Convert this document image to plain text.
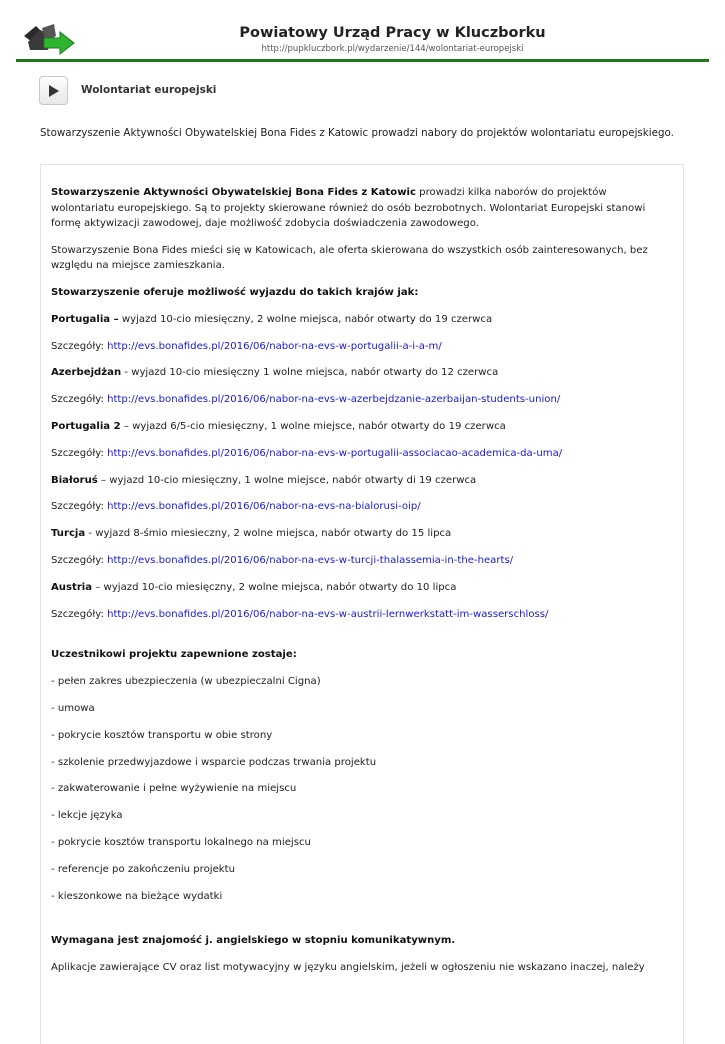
Powiatowy Urząd Pracy w Kluczborku
http://pupkluczbork.pl/wydarzenie/144/wolontariat-europejski
Wolontariat europejski
Stowarzyszenie Aktywności Obywatelskiej Bona Fides z Katowic prowadzi nabory do projektów wolontariatu europejskiego.

Stowarzyszenie Aktywności Obywatelskiej Bona Fides z Katowic prowadzi kilka naborów do projektów wolontariatu europejskiego. Są to projekty skierowane również do osób bezrobotnych. Wolontariat Europejski stanowi formę aktywizacji zawodowej, daje możliwość zdobycia doświadczenia zawodowego.

Stowarzyszenie Bona Fides mieści się w Katowicach, ale oferta skierowana do wszystkich osób zainteresowanych, bez względu na miejsce zamieszkania.

Stowarzyszenie oferuje możliwość wyjazdu do takich krajów jak:

Portugalia – wyjazd 10-cio miesięczny, 2 wolne miejsca, nabór otwarty do 19 czerwca

Szczegóły: http://evs.bonafides.pl/2016/06/nabor-na-evs-w-portugalii-a-i-a-m/

Azerbejdżan - wyjazd 10-cio miesięczny 1 wolne miejsca, nabór otwarty do 12 czerwca

Szczegóły: http://evs.bonafides.pl/2016/06/nabor-na-evs-w-azerbejdzanie-azerbaijan-students-union/

Portugalia 2 – wyjazd 6/5-cio miesięczny, 1 wolne miejsce, nabór otwarty do 19 czerwca

Szczegóły: http://evs.bonafides.pl/2016/06/nabor-na-evs-w-portugalii-associacao-academica-da-uma/

Białoruś – wyjazd 10-cio miesięczny, 1 wolne miejsce, nabór otwarty di 19 czerwca

Szczegóły: http://evs.bonafides.pl/2016/06/nabor-na-evs-na-bialorusi-oip/

Turcja - wyjazd 8-śmio miesieczny, 2 wolne miejsca, nabór otwarty do 15 lipca

Szczegóły: http://evs.bonafides.pl/2016/06/nabor-na-evs-w-turcji-thalassemia-in-the-hearts/

Austria – wyjazd 10-cio miesięczny, 2 wolne miejsca, nabór otwarty do 10 lipca

Szczegóły: http://evs.bonafides.pl/2016/06/nabor-na-evs-w-austrii-lernwerkstatt-im-wasserschloss/

Uczestnikowi projektu zapewnione zostaje:

- pełen zakres ubezpieczenia (w ubezpieczalni Cigna)

- umowa

- pokrycie kosztów transportu w obie strony

- szkolenie przedwyjazdowe i wsparcie podczas trwania projektu

- zakwaterowanie i pełne wyżywienie na miejscu

- lekcje języka

- pokrycie kosztów transportu lokalnego na miejscu

- referencje po zakończeniu projektu

- kieszonkowe na bieżące wydatki

Wymagana jest znajomość j. angielskiego w stopniu komunikatywnym.

Aplikacje zawierające CV oraz list motywacyjny w języku angielskim, jeżeli w ogłoszeniu nie wskazano inaczej, należy
